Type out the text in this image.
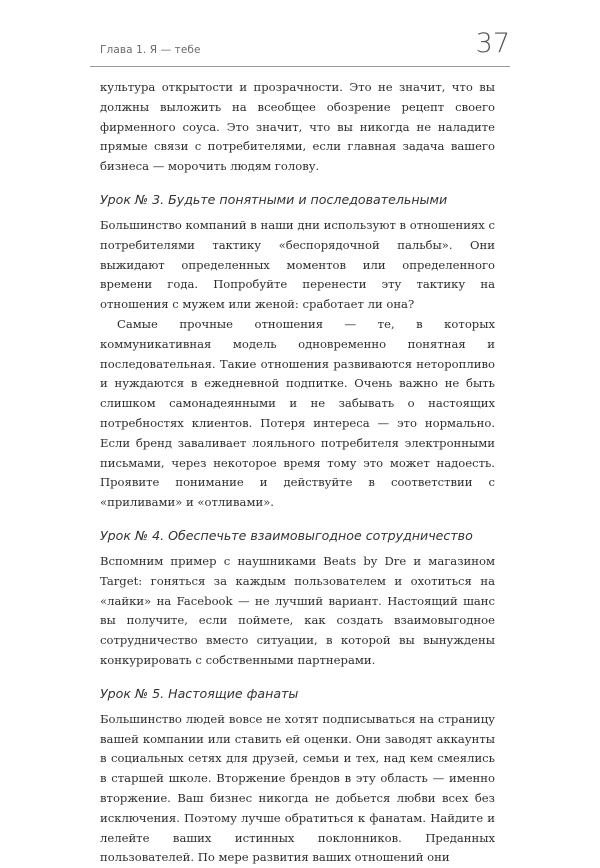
Глава 1. Я — тебе	37

культура открытости и прозрачности. Это не значит, что вы должны выложить на всеобщее обозрение рецепт своего фирменного соуса. Это значит, что вы никогда не наладите прямые связи с потребителями, если главная задача вашего бизнеса — морочить людям голову.

Урок № 3. Будьте понятными и последовательными

Большинство компаний в наши дни используют в отношениях с потребителями тактику «беспорядочной пальбы». Они выжидают определенных моментов или определенного времени года. Попробуйте перенести эту тактику на отношения с мужем или женой: сработает ли она?

Самые прочные отношения — те, в которых коммуникативная модель одновременно понятная и последовательная. Такие отношения развиваются неторопливо и нуждаются в ежедневной подпитке. Очень важно не быть слишком самонадеянными и не забывать о настоящих потребностях клиентов. Потеря интереса — это нормально. Если бренд заваливает лояльного потребителя электронными письмами, через некоторое время тому это может надоесть. Проявите понимание и действуйте в соответствии с «приливами» и «отливами».

Урок № 4. Обеспечьте взаимовыгодное сотрудничество

Вспомним пример с наушниками Beats by Dre и магазином Target: гоняться за каждым пользователем и охотиться на «лайки» на Facebook — не лучший вариант. Настоящий шанс вы получите, если поймете, как создать взаимовыгодное сотрудничество вместо ситуации, в которой вы вынуждены конкурировать с собственными партнерами.

Урок № 5. Настоящие фанаты

Большинство людей вовсе не хотят подписываться на страницу вашей компании или ставить ей оценки. Они заводят аккаунты в социальных сетях для друзей, семьи и тех, над кем смеялись в старшей школе. Вторжение брендов в эту область — именно вторжение. Ваш бизнес никогда не добьется любви всех без исключения. Поэтому лучше обратиться к фанатам. Найдите и лелейте ваших истинных поклонников. Преданных пользователей. По мере развития ваших отношений они
